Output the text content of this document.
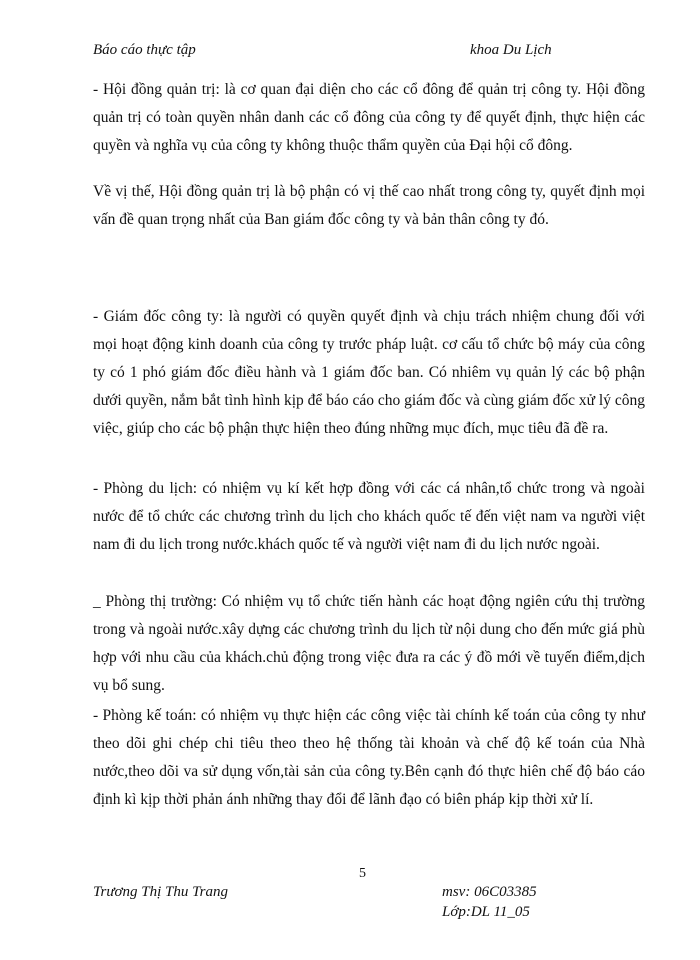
Báo cáo thực tập	khoa Du Lịch

- Hội đồng quản trị: là cơ quan đại diện cho các cổ đông để quản trị công ty. Hội đồng quản trị có toàn quyền nhân danh các cổ đông của công ty để quyết định, thực hiện các quyền và nghĩa vụ của công ty không thuộc thẩm quyền của Đại hội cổ đông.

Về vị thế, Hội đồng quản trị là bộ phận có vị thế cao nhất trong công ty, quyết định mọi vấn đề quan trọng nhất của Ban giám đốc công ty và bản thân công ty đó.

- Giám đốc công ty: là người có quyền quyết định và chịu trách nhiệm chung đối với mọi hoạt động kinh doanh của công ty trước pháp luật. cơ cấu tổ chức bộ máy của công ty có 1 phó giám đốc điều hành và 1 giám đốc ban. Có nhiêm vụ quản lý các bộ phận dưới quyền, nắm bắt tình hình kịp để báo cáo cho giám đốc và cùng giám đốc xử lý công việc, giúp cho các bộ phận thực hiện theo đúng những mục đích, mục tiêu đã đề ra.

- Phòng du lịch: có nhiệm vụ kí kết hợp đồng với các cá nhân,tổ chức trong và ngoài nước để tổ chức các chương trình du lịch cho khách quốc tế đến việt nam va người việt nam đi du lịch trong nước.khách quốc tế và người việt nam đi du lịch nước ngoài.

_ Phòng thị trường: Có nhiệm vụ tổ chức tiến hành các hoạt động ngiên cứu thị trường trong và ngoài nước.xây dựng các chương trình du lịch từ nội dung cho đến mức giá phù hợp với nhu cầu của khách.chủ động trong việc đưa ra các ý đồ mới về tuyến điểm,dịch vụ bổ sung.

- Phòng kế toán: có nhiệm vụ thực hiện các công việc tài chính kế toán của công ty như theo dõi ghi chép chi tiêu theo theo hệ thống tài khoản và chế độ kế toán của Nhà nước,theo dõi va sử dụng vốn,tài sản của công ty.Bên cạnh đó thực hiên chế độ báo cáo định kì kịp thời phản ánh những thay đổi để lãnh đạo có biên pháp kịp thời xử lí.

5
Trương Thị Thu Trang	msv: 06C03385
Lớp:DL 11_05
